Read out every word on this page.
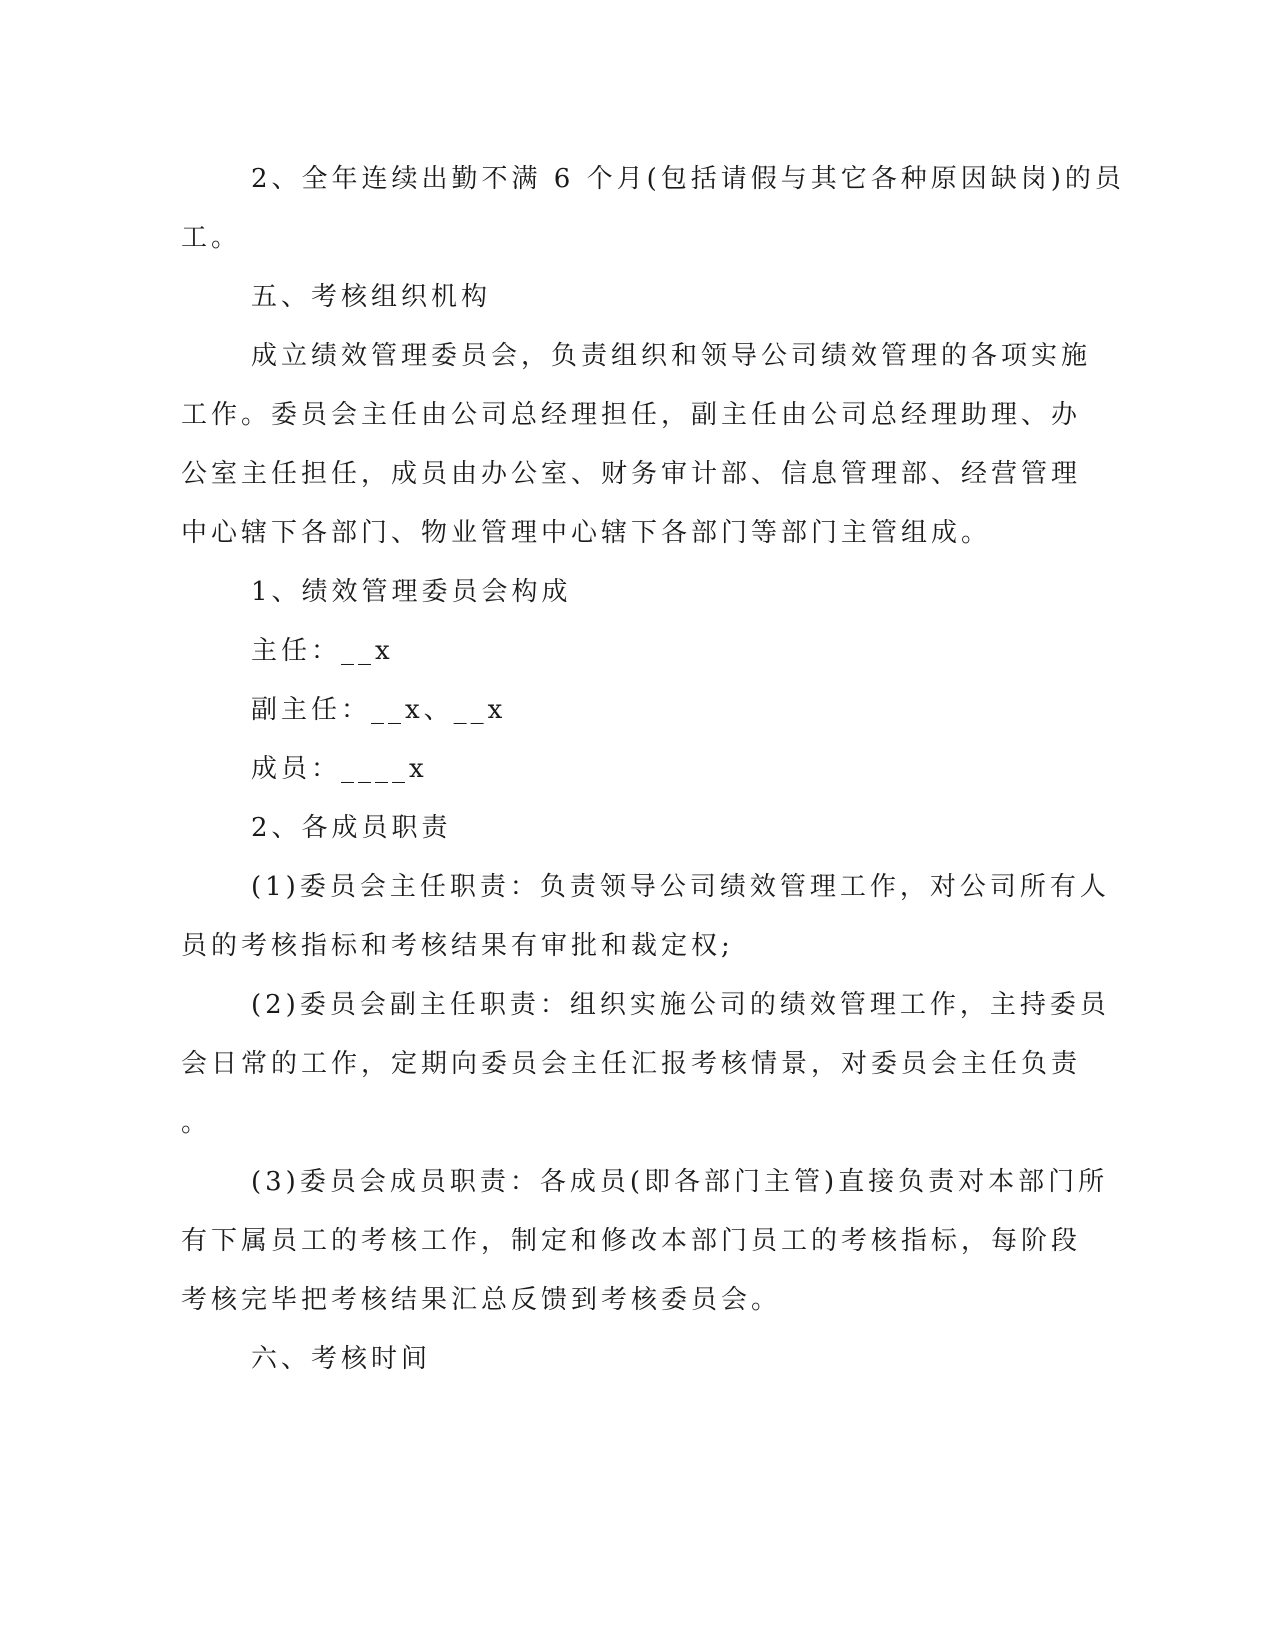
2、全年连续出勤不满 6 个月(包括请假与其它各种原因缺岗)的员
工。
五、考核组织机构
成立绩效管理委员会，负责组织和领导公司绩效管理的各项实施
工作。委员会主任由公司总经理担任，副主任由公司总经理助理、办
公室主任担任，成员由办公室、财务审计部、信息管理部、经营管理
中心辖下各部门、物业管理中心辖下各部门等部门主管组成。
1、绩效管理委员会构成
主任：__x
副主任：__x、__x
成员：____x
2、各成员职责
(1)委员会主任职责：负责领导公司绩效管理工作，对公司所有人
员的考核指标和考核结果有审批和裁定权;
(2)委员会副主任职责：组织实施公司的绩效管理工作，主持委员
会日常的工作，定期向委员会主任汇报考核情景，对委员会主任负责
。
(3)委员会成员职责：各成员(即各部门主管)直接负责对本部门所
有下属员工的考核工作，制定和修改本部门员工的考核指标，每阶段
考核完毕把考核结果汇总反馈到考核委员会。
六、考核时间
